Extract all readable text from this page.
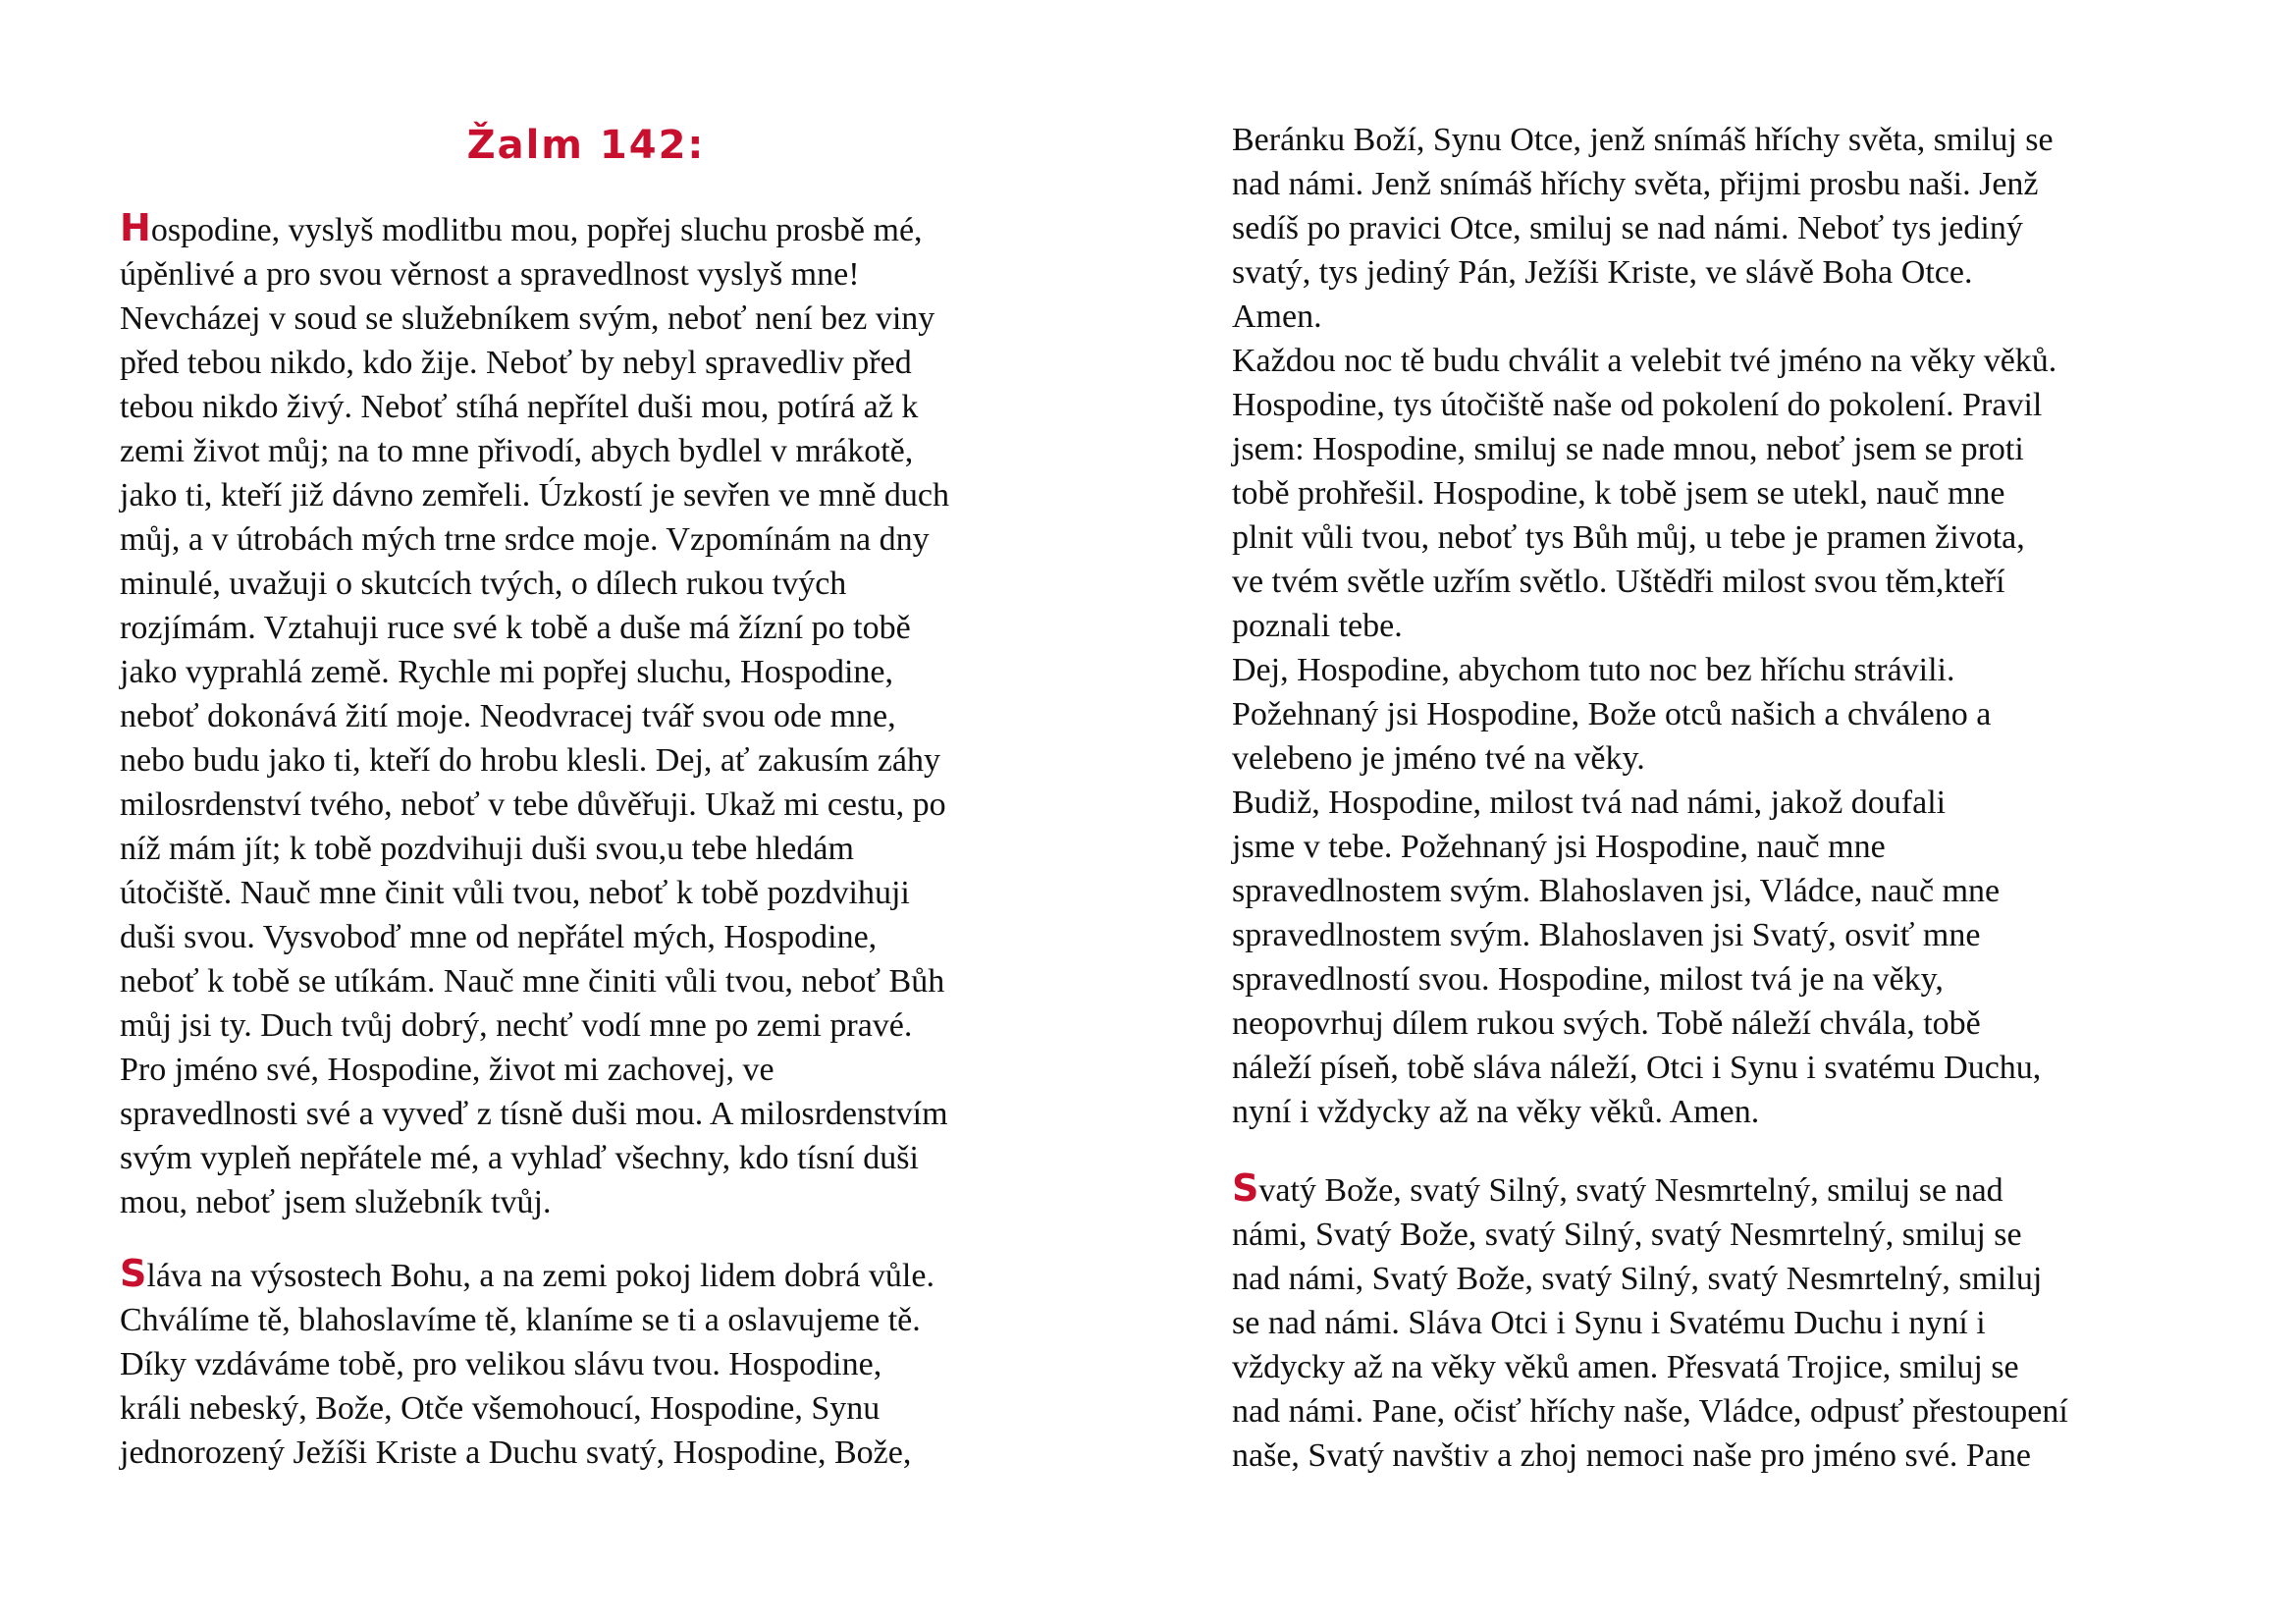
Žalm 142:

Hospodine, vyslyš modlitbu mou, popřej sluchu prosbě mé,
úpěnlivé a pro svou věrnost a spravedlnost vyslyš mne!
Nevcházej v soud se služebníkem svým, neboť není bez viny
před tebou nikdo, kdo žije. Neboť by nebyl spravedliv před
tebou nikdo živý. Neboť stíhá nepřítel duši mou, potírá až k
zemi život můj; na to mne přivodí, abych bydlel v mrákotě,
jako ti, kteří již dávno zemřeli. Úzkostí je sevřen ve mně duch
můj, a v útrobách mých trne srdce moje. Vzpomínám na dny
minulé, uvažuji o skutcích tvých, o dílech rukou tvých
rozjímám. Vztahuji ruce své k tobě a duše má žízní po tobě
jako vyprahlá země. Rychle mi popřej sluchu, Hospodine,
neboť dokonává žití moje. Neodvracej tvář svou ode mne,
nebo budu jako ti, kteří do hrobu klesli. Dej, ať zakusím záhy
milosrdenství tvého, neboť v tebe důvěřuji. Ukaž mi cestu, po
níž mám jít; k tobě pozdvihuji duši svou,u tebe hledám
útočiště. Nauč mne činit vůli tvou, neboť k tobě pozdvihuji
duši svou. Vysvoboď mne od nepřátel mých, Hospodine,
neboť k tobě se utíkám. Nauč mne činiti vůli tvou, neboť Bůh
můj jsi ty. Duch tvůj dobrý, nechť vodí mne po zemi pravé.
Pro jméno své, Hospodine, život mi zachovej, ve
spravedlnosti své a vyveď z tísně duši mou. A milosrdenstvím
svým vypleň nepřátele mé, a vyhlaď všechny, kdo tísní duši
mou, neboť jsem služebník tvůj.

Sláva na výsostech Bohu, a na zemi pokoj lidem dobrá vůle.
Chválíme tě, blahoslavíme tě, klaníme se ti a oslavujeme tě.
Díky vzdáváme tobě, pro velikou slávu tvou. Hospodine,
králi nebeský, Bože, Otče všemohoucí, Hospodine, Synu
jednorozený Ježíši Kriste a Duchu svatý, Hospodine, Bože,

Beránku Boží, Synu Otce, jenž snímáš hříchy světa, smiluj se
nad námi. Jenž snímáš hříchy světa, přijmi prosbu naši. Jenž
sedíš po pravici Otce, smiluj se nad námi. Neboť tys jediný
svatý, tys jediný Pán, Ježíši Kriste, ve slávě Boha Otce.
Amen.
Každou noc tě budu chválit a velebit tvé jméno na věky věků.
Hospodine, tys útočiště naše od pokolení do pokolení. Pravil
jsem: Hospodine, smiluj se nade mnou, neboť jsem se proti
tobě prohřešil. Hospodine, k tobě jsem se utekl, nauč mne
plnit vůli tvou, neboť tys Bůh můj, u tebe je pramen života,
ve tvém světle uzřím světlo. Uštědři milost svou těm,kteří
poznali tebe.
Dej, Hospodine, abychom tuto noc bez hříchu strávili.
Požehnaný jsi Hospodine, Bože otců našich a chváleno a
velebeno je jméno tvé na věky.
Budiž, Hospodine, milost tvá nad námi, jakož doufali
jsme v tebe. Požehnaný jsi Hospodine, nauč mne
spravedlnostem svým. Blahoslaven jsi, Vládce, nauč mne
spravedlnostem svým. Blahoslaven jsi Svatý, osviť mne
spravedlností svou. Hospodine, milost tvá je na věky,
neopovrhuj dílem rukou svých. Tobě náleží chvála, tobě
náleží píseň, tobě sláva náleží, Otci i Synu i svatému Duchu,
nyní i vždycky až na věky věků. Amen.

Svatý Bože, svatý Silný, svatý Nesmrtelný, smiluj se nad
námi, Svatý Bože, svatý Silný, svatý Nesmrtelný, smiluj se
nad námi, Svatý Bože, svatý Silný, svatý Nesmrtelný, smiluj
se nad námi. Sláva Otci i Synu i Svatému Duchu i nyní i
vždycky až na věky věků amen. Přesvatá Trojice, smiluj se
nad námi. Pane, očisť hříchy naše, Vládce, odpusť přestoupení
naše, Svatý navštiv a zhoj nemoci naše pro jméno své. Pane
